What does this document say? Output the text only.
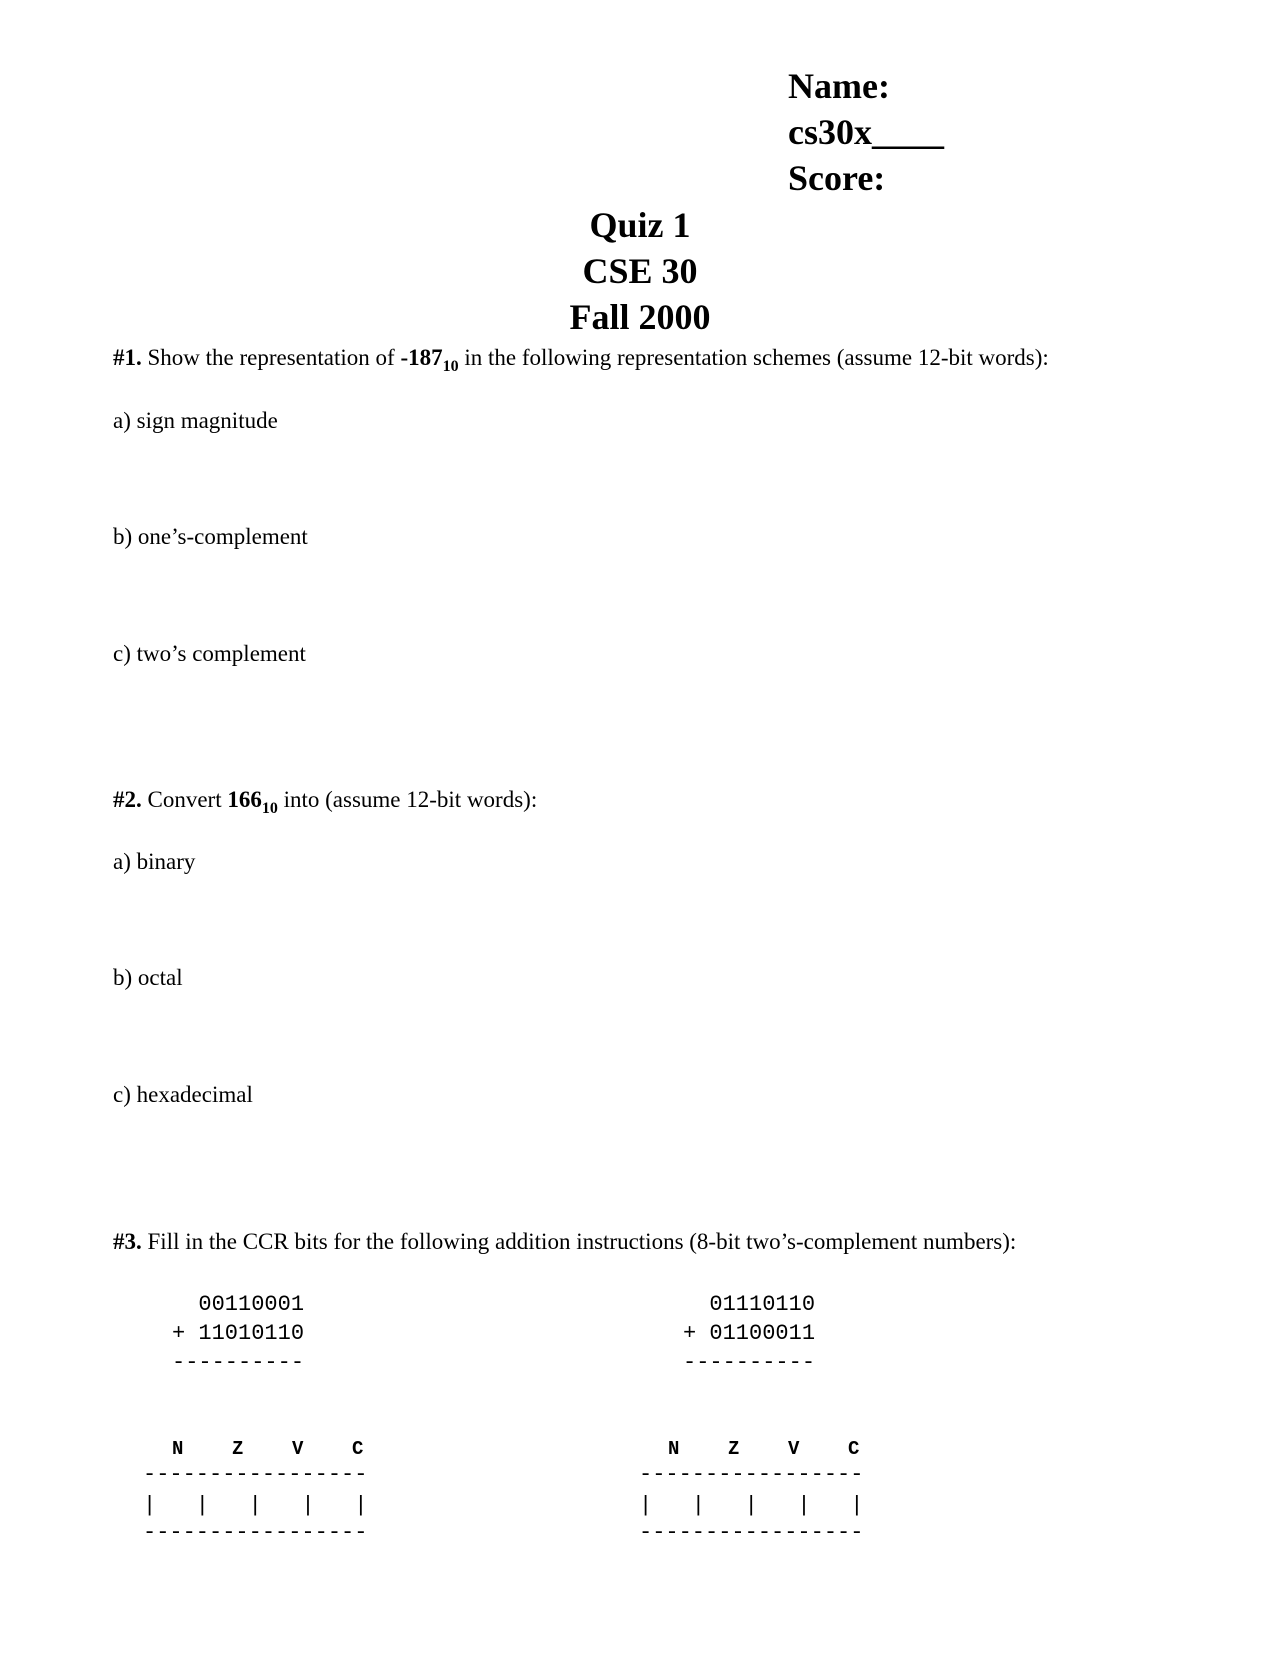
Name:
cs30x____
Score:
Quiz 1
CSE 30
Fall 2000
#1. Show the representation of $-187_{10}$ in the following representation schemes (assume 12-bit words):
a) sign magnitude
b) one’s-complement
c) two’s complement
#2. Convert $166_{10}$ into (assume 12-bit words):
a) binary
b) octal
c) hexadecimal
#3. Fill in the CCR bits for the following addition instructions (8-bit two’s-complement numbers):
00110001
+ 11010110
----------
N	Z	V	C
-----------------
|   |   |   |   |
-----------------
01110110
+ 01100011
----------
N	Z	V	C
-----------------
|   |   |   |   |
-----------------
